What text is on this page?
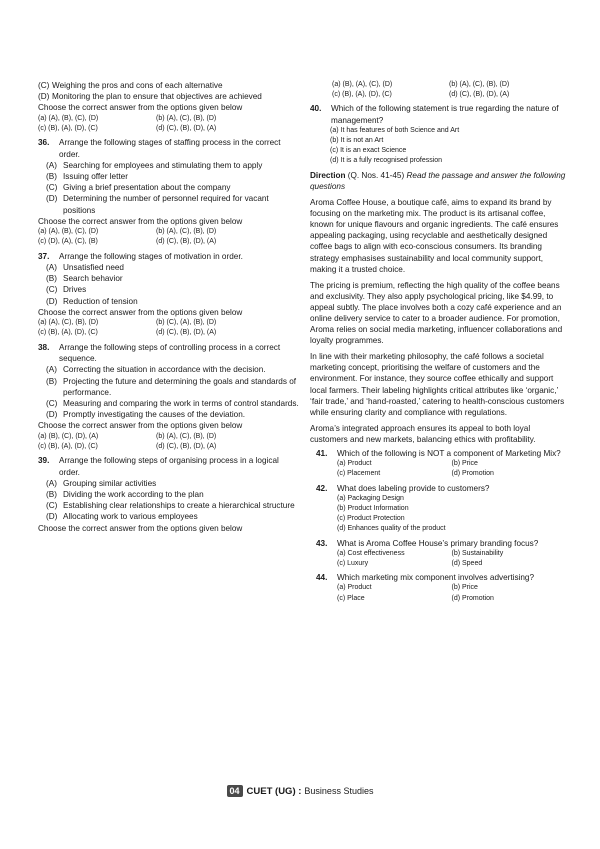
(C) Weighing the pros and cons of each alternative

(D) Monitoring the plan to ensure that objectives are achieved

Choose the correct answer from the options given below

(a) (A), (B), (C), (D)	(b) (A), (C), (B), (D)
(c) (B), (A), (D), (C)	(d) (C), (B), (D), (A)
36.	Arrange the following stages of staffing process in the correct order.

(A) Searching for employees and stimulating them to apply

(B) Issuing offer letter

(C) Giving a brief presentation about the company

(D) Determining the number of personnel required for vacant positions

Choose the correct answer from the options given below

(a) (A), (B), (C), (D)	(b) (A), (C), (B), (D)
(c) (D), (A), (C), (B)	(d) (C), (B), (D), (A)
37.	Arrange the following stages of motivation in order.

(A) Unsatisfied need

(B) Search behavior

(C) Drives

(D) Reduction of tension

Choose the correct answer from the options given below

(a) (A), (C), (B), (D)	(b) (C), (A), (B), (D)
(c) (B), (A), (D), (C)	(d) (C), (B), (D), (A)
38.	Arrange the following steps of controlling process in a correct sequence.

(A) Correcting the situation in accordance with the decision.

(B) Projecting the future and determining the goals and standards of performance.

(C) Measuring and comparing the work in terms of control standards.

(D) Promptly investigating the causes of the deviation.

Choose the correct answer from the options given below

(a) (B), (C), (D), (A)	(b) (A), (C), (B), (D)
(c) (B), (A), (D), (C)	(d) (C), (B), (D), (A)
39.	Arrange the following steps of organising process in a logical order.

(A) Grouping similar activities

(B) Dividing the work according to the plan

(C) Establishing clear relationships to create a hierarchical structure

(D) Allocating work to various employees

Choose the correct answer from the options given below

(a) (B), (A), (C), (D)	(b) (A), (C), (B), (D)
(c) (B), (A), (D), (C)	(d) (C), (B), (D), (A)
40.	Which of the following statement is true regarding the nature of management?
(a) It has features of both Science and Art
(b) It is not an Art
(c) It is an exact Science
(d) It is a fully recognised profession

Direction (Q. Nos. 41-45) Read the passage and answer the following questions

Aroma Coffee House, a boutique café, aims to expand its brand by focusing on the marketing mix. The product is its artisanal coffee, known for unique flavours and organic ingredients. The café ensures appealing packaging, using recyclable and aesthetically designed coffee bags to align with eco-conscious consumers. Its branding strategy emphasises sustainability and local community support, making it a trusted choice.

The pricing is premium, reflecting the high quality of the coffee beans and exclusivity. They also apply psychological pricing, like $4.99, to appeal subtly. The place involves both a cozy café experience and an online delivery service to cater to a broader audience. For promotion, Aroma relies on social media marketing, influencer collaborations and loyalty programmes.

In line with their marketing philosophy, the café follows a societal marketing concept, prioritising the welfare of customers and the environment. For instance, they source coffee ethically and support local farmers. Their labeling highlights critical attributes like ‘organic,’ ‘fair trade,’ and ‘hand-roasted,’ catering to health-conscious customers while ensuring clarity and compliance with regulations.

Aroma’s integrated approach ensures its appeal to both loyal customers and new markets, balancing ethics with profitability.

41.	Which of the following is NOT a component of Marketing Mix?
(a) Product	(b) Price
(c) Placement	(d) Promotion
42.	What does labeling provide to customers?
(a) Packaging Design
(b) Product Information
(c) Product Protection
(d) Enhances quality of the product
43.	What is Aroma Coffee House’s primary branding focus?
(a) Cost effectiveness	(b) Sustainability
(c) Luxury	(d) Speed
44.	Which marketing mix component involves advertising?
(a) Product	(b) Price
(c) Place	(d) Promotion
04 CUET (UG) : Business Studies
